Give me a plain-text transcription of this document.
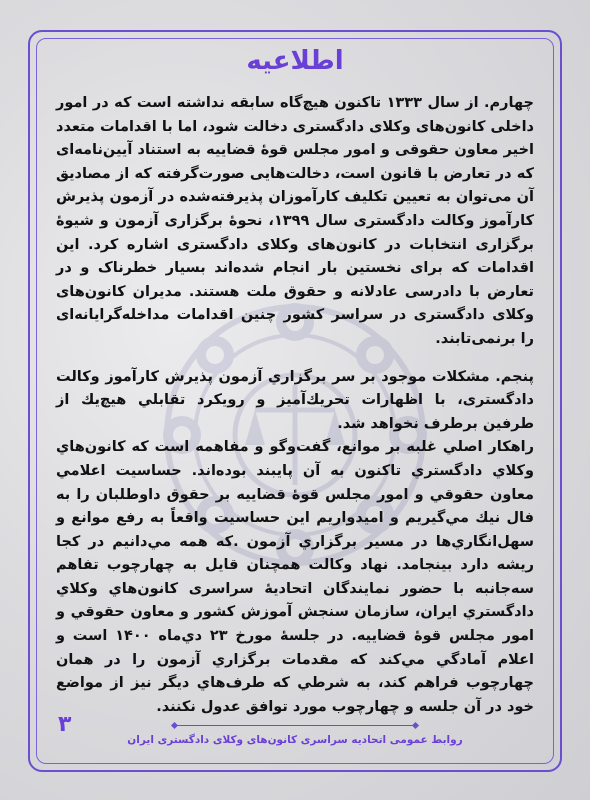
اطلاعیه

چهارم. از سال ۱۳۳۳ تاکنون هیچ‌گاه سابقه نداشته است که در امور داخلی کانون‌های وکلای دادگستری دخالت شود، اما با اقدامات متعدد اخیر معاون حقوقی و امور مجلس قوهٔ قضاییه به استناد آیین‌نامه‌ای که در تعارض با قانون است، دخالت‌هایی صورت‌گرفته که از مصادیق آن می‌توان به تعیین تکلیف کارآموزان پذیرفته‌شده در آزمون پذیرش کارآموز وکالت دادگستری سال ۱۳۹۹، نحوهٔ برگزاری آزمون و شیوهٔ برگزاری انتخابات در کانون‌های وکلای دادگستری اشاره کرد. این اقدامات که برای نخستین بار انجام شده‌اند بسیار خطرناک و در تعارض با دادرسی عادلانه و حقوق ملت هستند. مدیران کانون‌های وکلای دادگستری در سراسر کشور چنین اقدامات مداخله‌گرایانه‌ای را برنمی‌تابند.

پنجم. مشکلات موجود بر سر برگزاري آزمون پذيرش كارآموز وكالت دادگستری، با اظهارات تحريك‌آميز و رويكرد تقابلي هيچ‌يك از طرفين برطرف نخواهد شد.

راهكار اصلي غلبه بر موانع، گفت‌وگو و مفاهمه است كه كانون‌هاي وكلاي دادگستري تاكنون به آن پايبند بوده‌اند. حساسيت اعلامي معاون حقوقي و امور مجلس قوهٔ قضاييه بر حقوق داوطلبان را به فال نيك مي‌گيريم و اميدواريم اين حساسيت واقعاً به رفع موانع و سهل‌انگاري‌ها در مسير برگزاري آزمون .كه همه مي‌دانيم در كجا ريشه دارد بينجامد. نهاد وكالت همچنان قايل به چهارچوب تفاهم سه‌جانبه با حضور نمايندگان اتحاديهٔ سراسری كانون‌هاي وكلاي دادگستري ايران، سازمان سنجش آموزش كشور و معاون حقوقي و امور مجلس قوهٔ قضاييه. در جلسهٔ مورخ ۲۳ دي‌ماه ۱۴۰۰ است و اعلام آمادگي مي‌كند كه مقدمات برگزاري آزمون را در همان چهارچوب فراهم كند، به شرطي كه طرف‌هاي ديگر نيز از مواضع خود در آن جلسه و چهارچوب مورد توافق عدول نكنند.

۳
روابط عمومی اتحادیه سراسری کانون‌های وکلای دادگستری ایران
